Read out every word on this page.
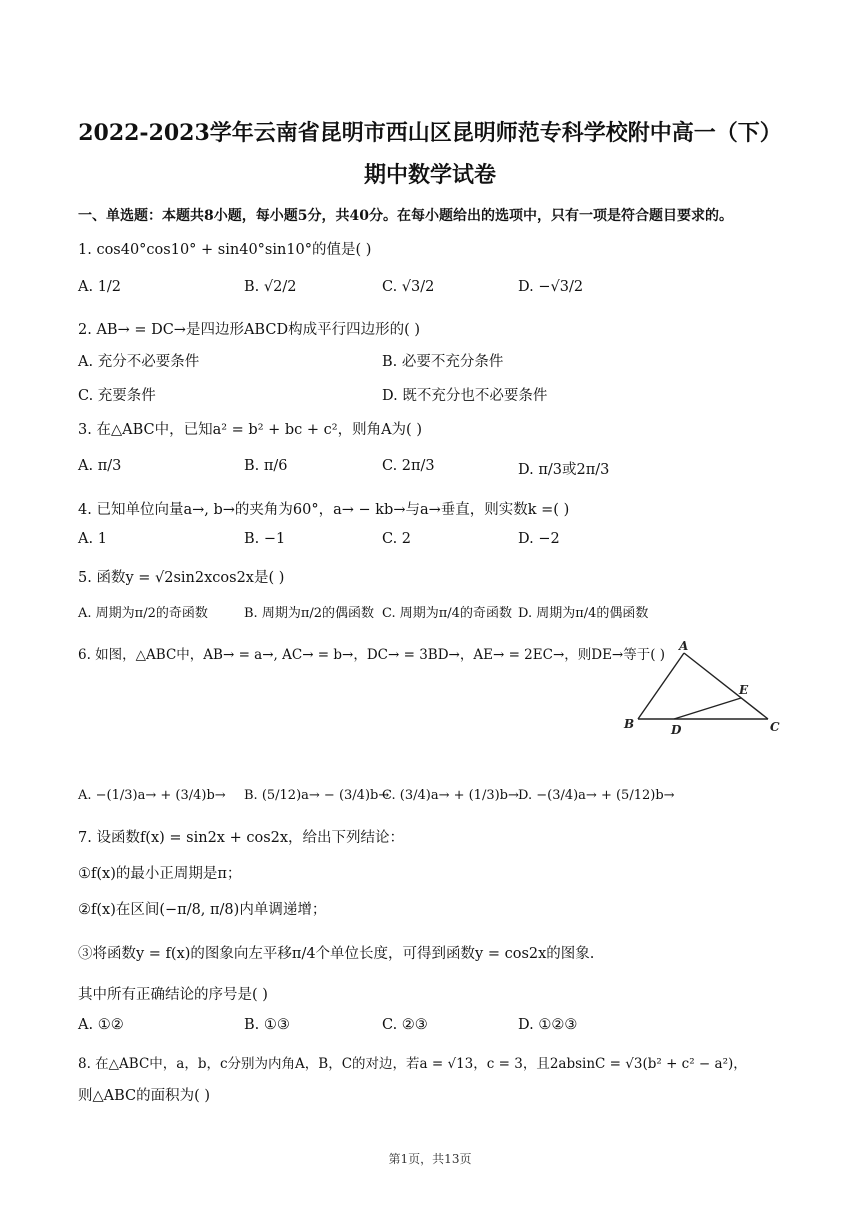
2022-2023学年云南省昆明市西山区昆明师范专科学校附中高一（下）
期中数学试卷
一、单选题：本题共8小题，每小题5分，共40分。在每小题给出的选项中，只有一项是符合题目要求的。
1. cos40°cos10° + sin40°sin10°的值是( )
A. 1/2	B. √2/2	C. √3/2	D. −√3/2
2. AB→ = DC→是四边形ABCD构成平行四边形的( )
A. 充分不必要条件	B. 必要不充分条件
C. 充要条件	D. 既不充分也不必要条件
3. 在△ABC中，已知a² = b² + bc + c²，则角A为( )
A. π/3	B. π/6	C. 2π/3	D. π/3或2π/3
4. 已知单位向量a→, b→的夹角为60°，a→ − kb→与a→垂直，则实数k =( )
A. 1	B. −1	C. 2	D. −2
5. 函数y = √2sin2xcos2x是( )
A. 周期为π/2的奇函数	B. 周期为π/2的偶函数 C. 周期为π/4的奇函数 D. 周期为π/4的偶函数
6. 如图，△ABC中，AB→ = a→, AC→ = b→，DC→ = 3BD→，AE→ = 2EC→，则DE→等于( )
A
B	C
D
E
A. −(1/3)a→ + (3/4)b→ B. (5/12)a→ − (3/4)b→
C. (3/4)a→ + (1/3)b→ D. −(3/4)a→ + (5/12)b→
7. 设函数f(x) = sin2x + cos2x，给出下列结论：
①f(x)的最小正周期是π；
②f(x)在区间(−π/8, π/8)内单调递增；
③将函数y = f(x)的图象向左平移π/4个单位长度，可得到函数y = cos2x的图象.
其中所有正确结论的序号是( )
A. ①②	B. ①③	C. ②③	D. ①②③
8. 在△ABC中，a，b，c分别为内角A，B，C的对边，若a = √13，c = 3，且2absinC = √3(b² + c² − a²)，
则△ABC的面积为( )
第1页，共13页
